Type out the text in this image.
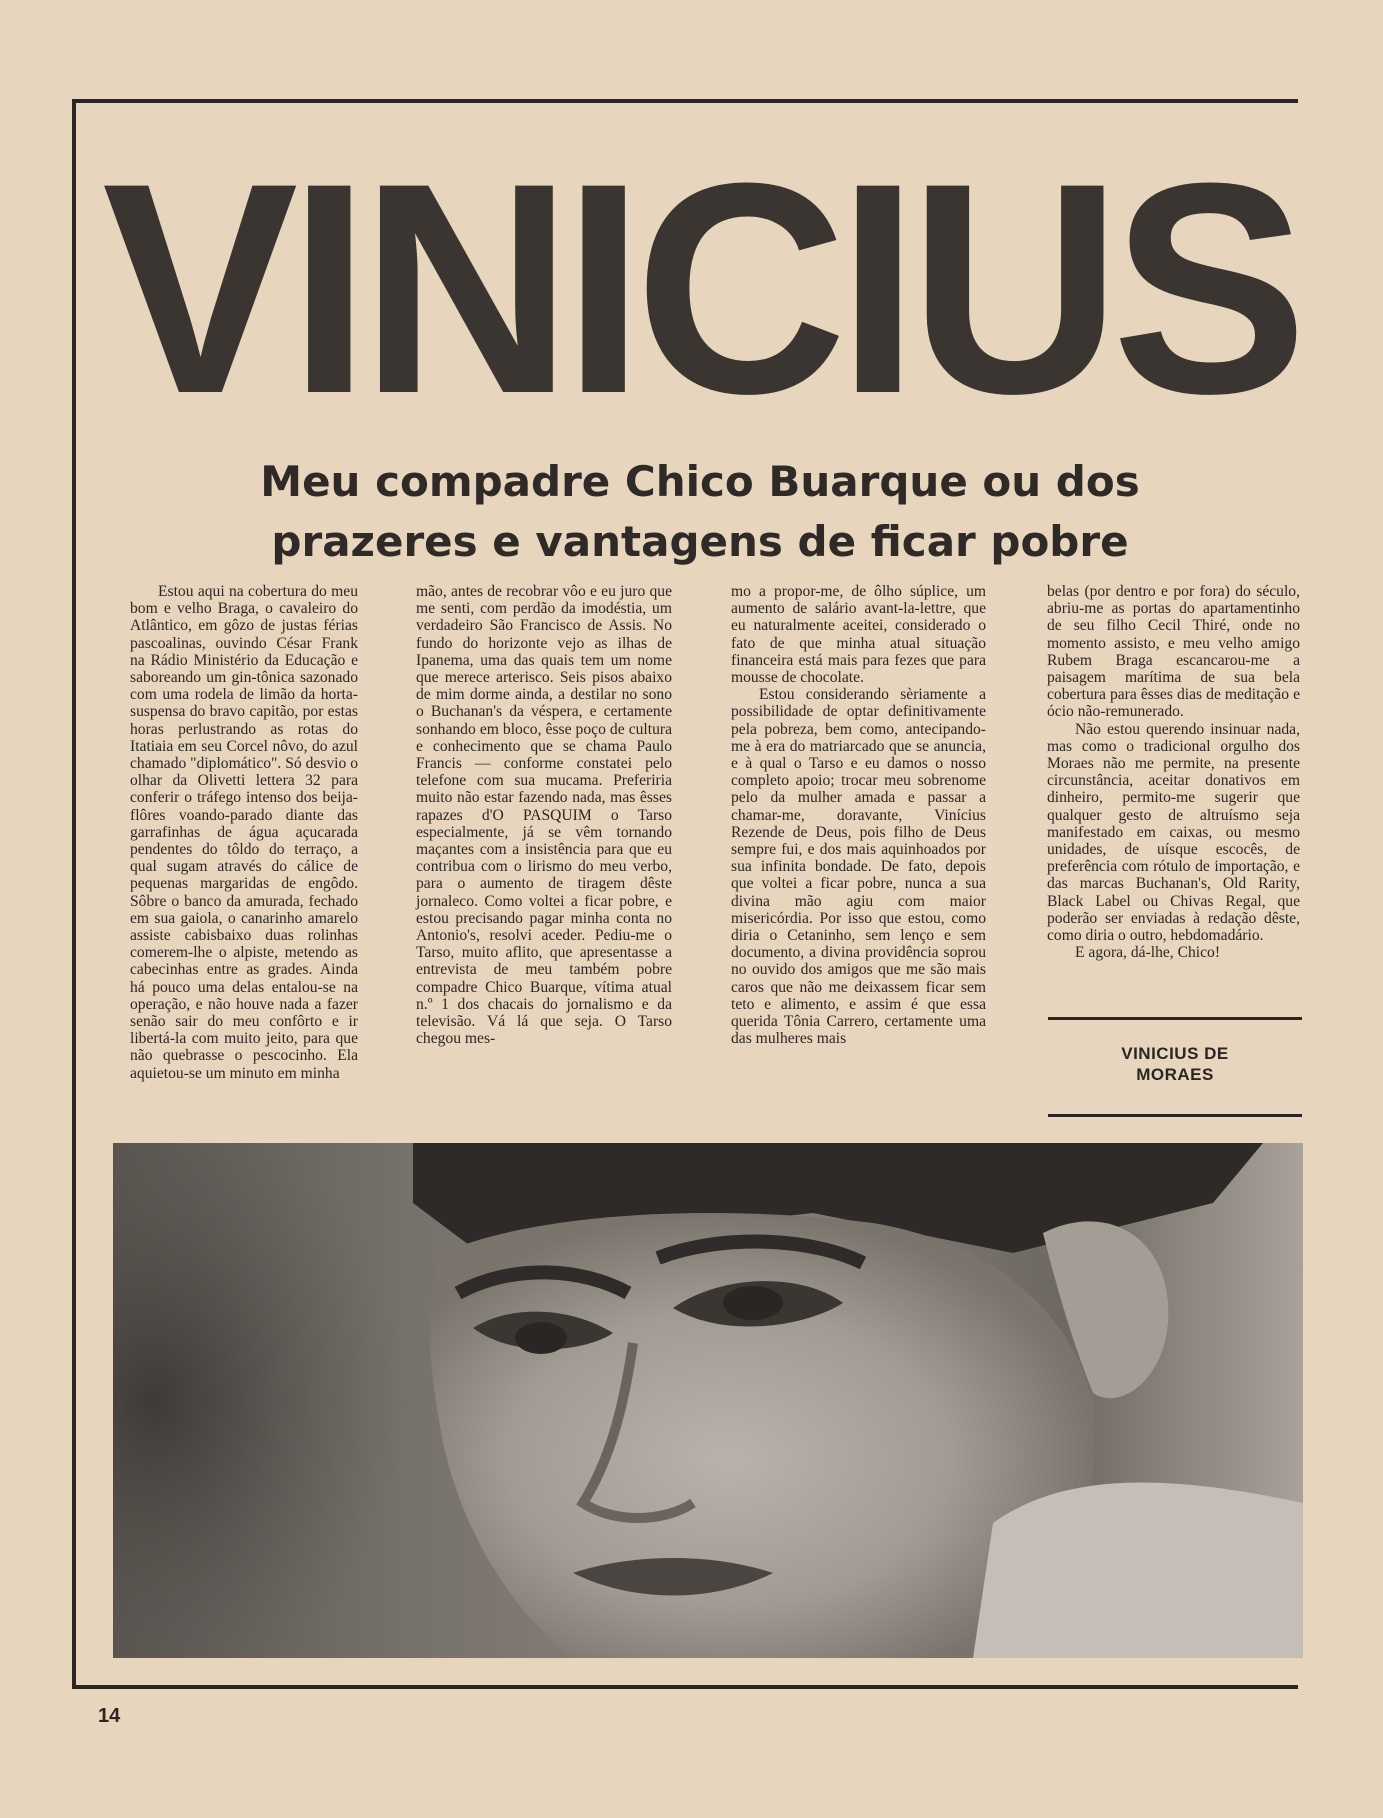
VINICIUS
Meu compadre Chico Buarque ou dos
prazeres e vantagens de ficar pobre

Estou aqui na cobertura do meu bom e velho Braga, o cavaleiro do Atlântico, em gôzo de justas férias pascoalinas, ouvindo César Frank na Rádio Ministério da Educação e saboreando um gin-tônica sazonado com uma rodela de limão da horta-suspensa do bravo capitão, por estas horas perlustrando as rotas do Itatiaia em seu Corcel nôvo, do azul chamado "diplomático". Só desvio o olhar da Olivetti lettera 32 para conferir o tráfego intenso dos beija-flôres voando-parado diante das garrafinhas de água açucarada pendentes do tôldo do terraço, a qual sugam através do cálice de pequenas margaridas de engôdo. Sôbre o banco da amurada, fechado em sua gaiola, o canarinho amarelo assiste cabisbaixo duas rolinhas comerem-lhe o alpiste, metendo as cabecinhas entre as grades. Ainda há pouco uma delas entalou-se na operação, e não houve nada a fazer senão sair do meu confôrto e ir libertá-la com muito jeito, para que não quebrasse o pescocinho. Ela aquietou-se um minuto em minha

mão, antes de recobrar vôo e eu juro que me senti, com perdão da imodéstia, um verdadeiro São Francisco de Assis. No fundo do horizonte vejo as ilhas de Ipanema, uma das quais tem um nome que merece arterisco. Seis pisos abaixo de mim dorme ainda, a destilar no sono o Buchanan's da véspera, e certamente sonhando em bloco, êsse poço de cultura e conhecimento que se chama Paulo Francis — conforme constatei pelo telefone com sua mucama. Preferiria muito não estar fazendo nada, mas êsses rapazes d'O PASQUIM o Tarso especialmente, já se vêm tornando maçantes com a insistência para que eu contribua com o lirismo do meu verbo, para o aumento de tiragem dêste jornaleco. Como voltei a ficar pobre, e estou precisando pagar minha conta no Antonio's, resolvi aceder. Pediu-me o Tarso, muito aflito, que apresentasse a entrevista de meu também pobre compadre Chico Buarque, vítima atual n.º 1 dos chacais do jornalismo e da televisão. Vá lá que seja. O Tarso chegou mes-

mo a propor-me, de ôlho súplice, um aumento de salário avant-la-lettre, que eu naturalmente aceitei, considerado o fato de que minha atual situação financeira está mais para fezes que para mousse de chocolate.

Estou considerando sèriamente a possibilidade de optar definitivamente pela pobreza, bem como, antecipando-me à era do matriarcado que se anuncia, e à qual o Tarso e eu damos o nosso completo apoio; trocar meu sobrenome pelo da mulher amada e passar a chamar-me, doravante, Vinícius Rezende de Deus, pois filho de Deus sempre fui, e dos mais aquinhoados por sua infinita bondade. De fato, depois que voltei a ficar pobre, nunca a sua divina mão agiu com maior misericórdia. Por isso que estou, como diria o Cetaninho, sem lenço e sem documento, a divina providência soprou no ouvido dos amigos que me são mais caros que não me deixassem ficar sem teto e alimento, e assim é que essa querida Tônia Carrero, certamente uma das mulheres mais

belas (por dentro e por fora) do século, abriu-me as portas do apartamentinho de seu filho Cecil Thiré, onde no momento assisto, e meu velho amigo Rubem Braga escancarou-me a paisagem marítima de sua bela cobertura para êsses dias de meditação e ócio não-remunerado.

Não estou querendo insinuar nada, mas como o tradicional orgulho dos Moraes não me permite, na presente circunstância, aceitar donativos em dinheiro, permito-me sugerir que qualquer gesto de altruísmo seja manifestado em caixas, ou mesmo unidades, de uísque escocês, de preferência com rótulo de importação, e das marcas Buchanan's, Old Rarity, Black Label ou Chivas Regal, que poderão ser enviadas à redação dêste, como diria o outro, hebdomadário.

E agora, dá-lhe, Chico!

VINICIUS DE
MORAES

14
